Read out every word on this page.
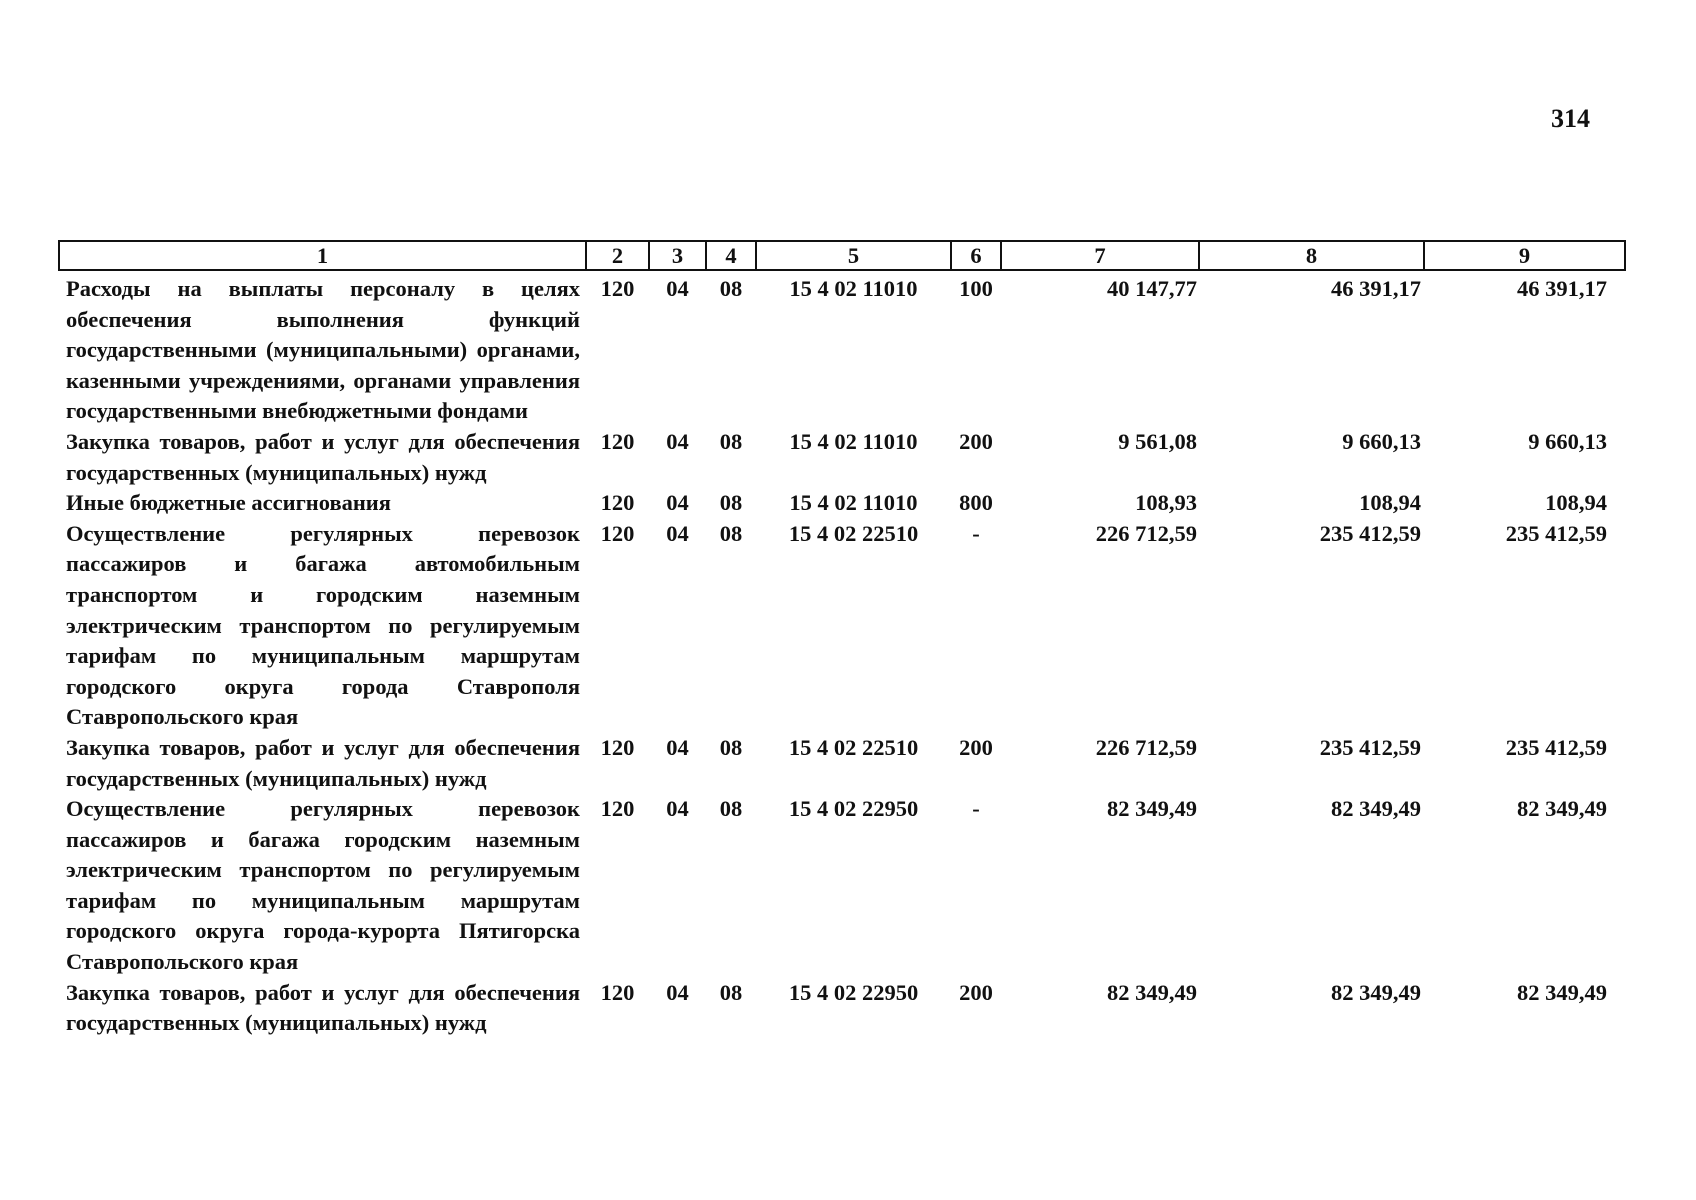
314
1	2	3	4	5	6	7	8	9
Расходы на выплаты персоналу в целях обеспечения выполнения функций государственными (муниципальными) органами, казенными учреждениями, органами управления государственными внебюджетными фондами	120	04	08	15 4 02 11010	100	40 147,77	46 391,17	46 391,17
Закупка товаров, работ и услуг для обеспечения государственных (муниципальных) нужд	120	04	08	15 4 02 11010	200	9 561,08	9 660,13	9 660,13
Иные бюджетные ассигнования	120	04	08	15 4 02 11010	800	108,93	108,94	108,94
Осуществление регулярных перевозок пассажиров и багажа автомобильным транспортом и городским наземным электрическим транспортом по регулируемым тарифам по муниципальным маршрутам городского округа города Ставрополя Ставропольского края	120	04	08	15 4 02 22510	-	226 712,59	235 412,59	235 412,59
Закупка товаров, работ и услуг для обеспечения государственных (муниципальных) нужд	120	04	08	15 4 02 22510	200	226 712,59	235 412,59	235 412,59
Осуществление регулярных перевозок пассажиров и багажа городским наземным электрическим транспортом по регулируемым тарифам по муниципальным маршрутам городского округа города-курорта Пятигорска Ставропольского края	120	04	08	15 4 02 22950	-	82 349,49	82 349,49	82 349,49
Закупка товаров, работ и услуг для обеспечения государственных (муниципальных) нужд	120	04	08	15 4 02 22950	200	82 349,49	82 349,49	82 349,49
